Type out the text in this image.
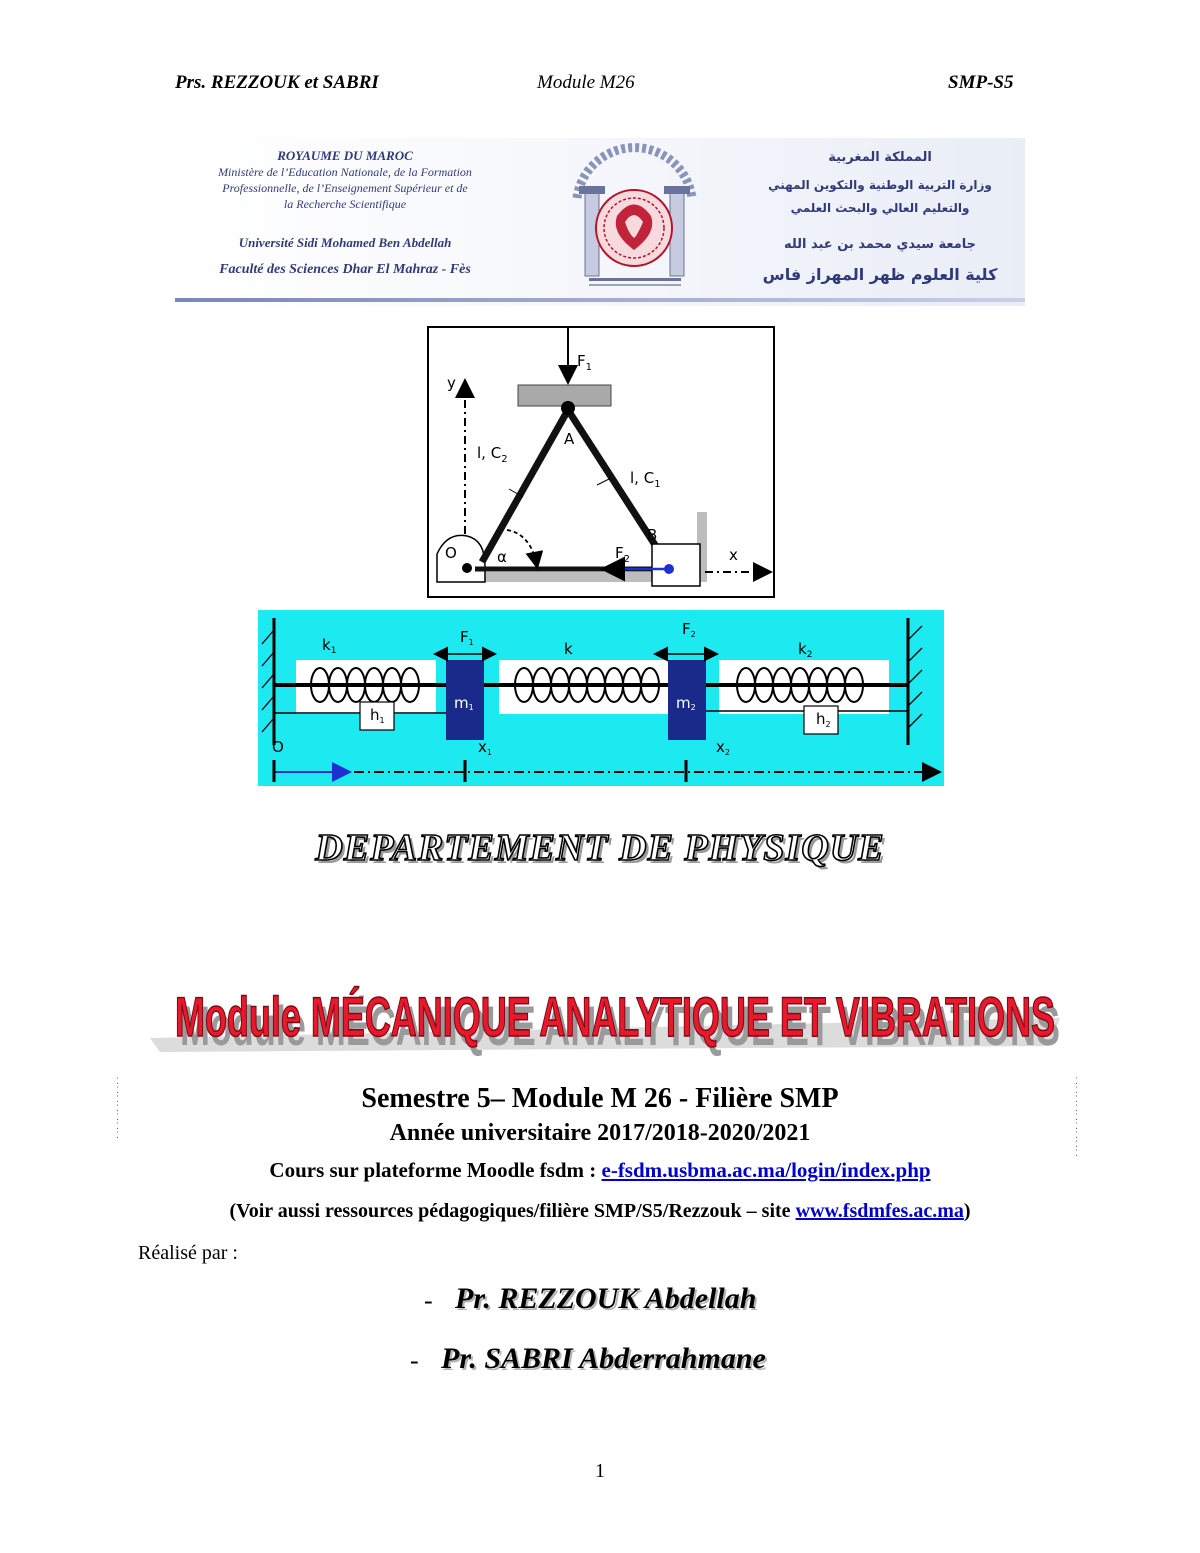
Prs. REZZOUK et SABRI	Module M26	SMP-S5
ROYAUME DU MAROC
Ministère de l’Education Nationale, de la Formation
Professionnelle, de l’Enseignement Supérieur et de
la Recherche Scientifique
Université Sidi Mohamed Ben Abdellah
Faculté des Sciences Dhar El Mahraz - Fès
المملكة المغربية
وزارة التربية الوطنية والتكوين المهني
والتعليم العالي والبحث العلمي
جامعة سيدي محمد بن عبد الله
كلية العلوم ظهر المهراز فاس
$F_1$
y
O
A
l, $C_2$
l, $C_1$
B
$F_2$
α	x
$k_1$	k	$k_2$
m1	m2
$F_1$
$F_2$
$h_1$	$h_2$
O	$x_1$	$x_2$
DEPARTEMENT DE PHYSIQUE
Module MÉCANIQUE ANALYTIQUE ET VIBRATIONS
Module MÉCANIQUE ANALYTIQUE ET VIBRATIONS
⁚
⁚
⁚
⁚
⁚
⁚
⁚
⁚
⁚
⁚
⁚
⁚
⁚
⁚
⁚
⁚
Semestre 5– Module M 26 - Filière SMP
Année universitaire 2017/2018-2020/2021
Cours sur plateforme Moodle fsdm : e-fsdm.usbma.ac.ma/login/index.php
(Voir aussi ressources pédagogiques/filière SMP/S5/Rezzouk – site www.fsdmfes.ac.ma)
Réalisé par :
- Pr. REZZOUK Abdellah
- Pr. SABRI Abderrahmane
1
